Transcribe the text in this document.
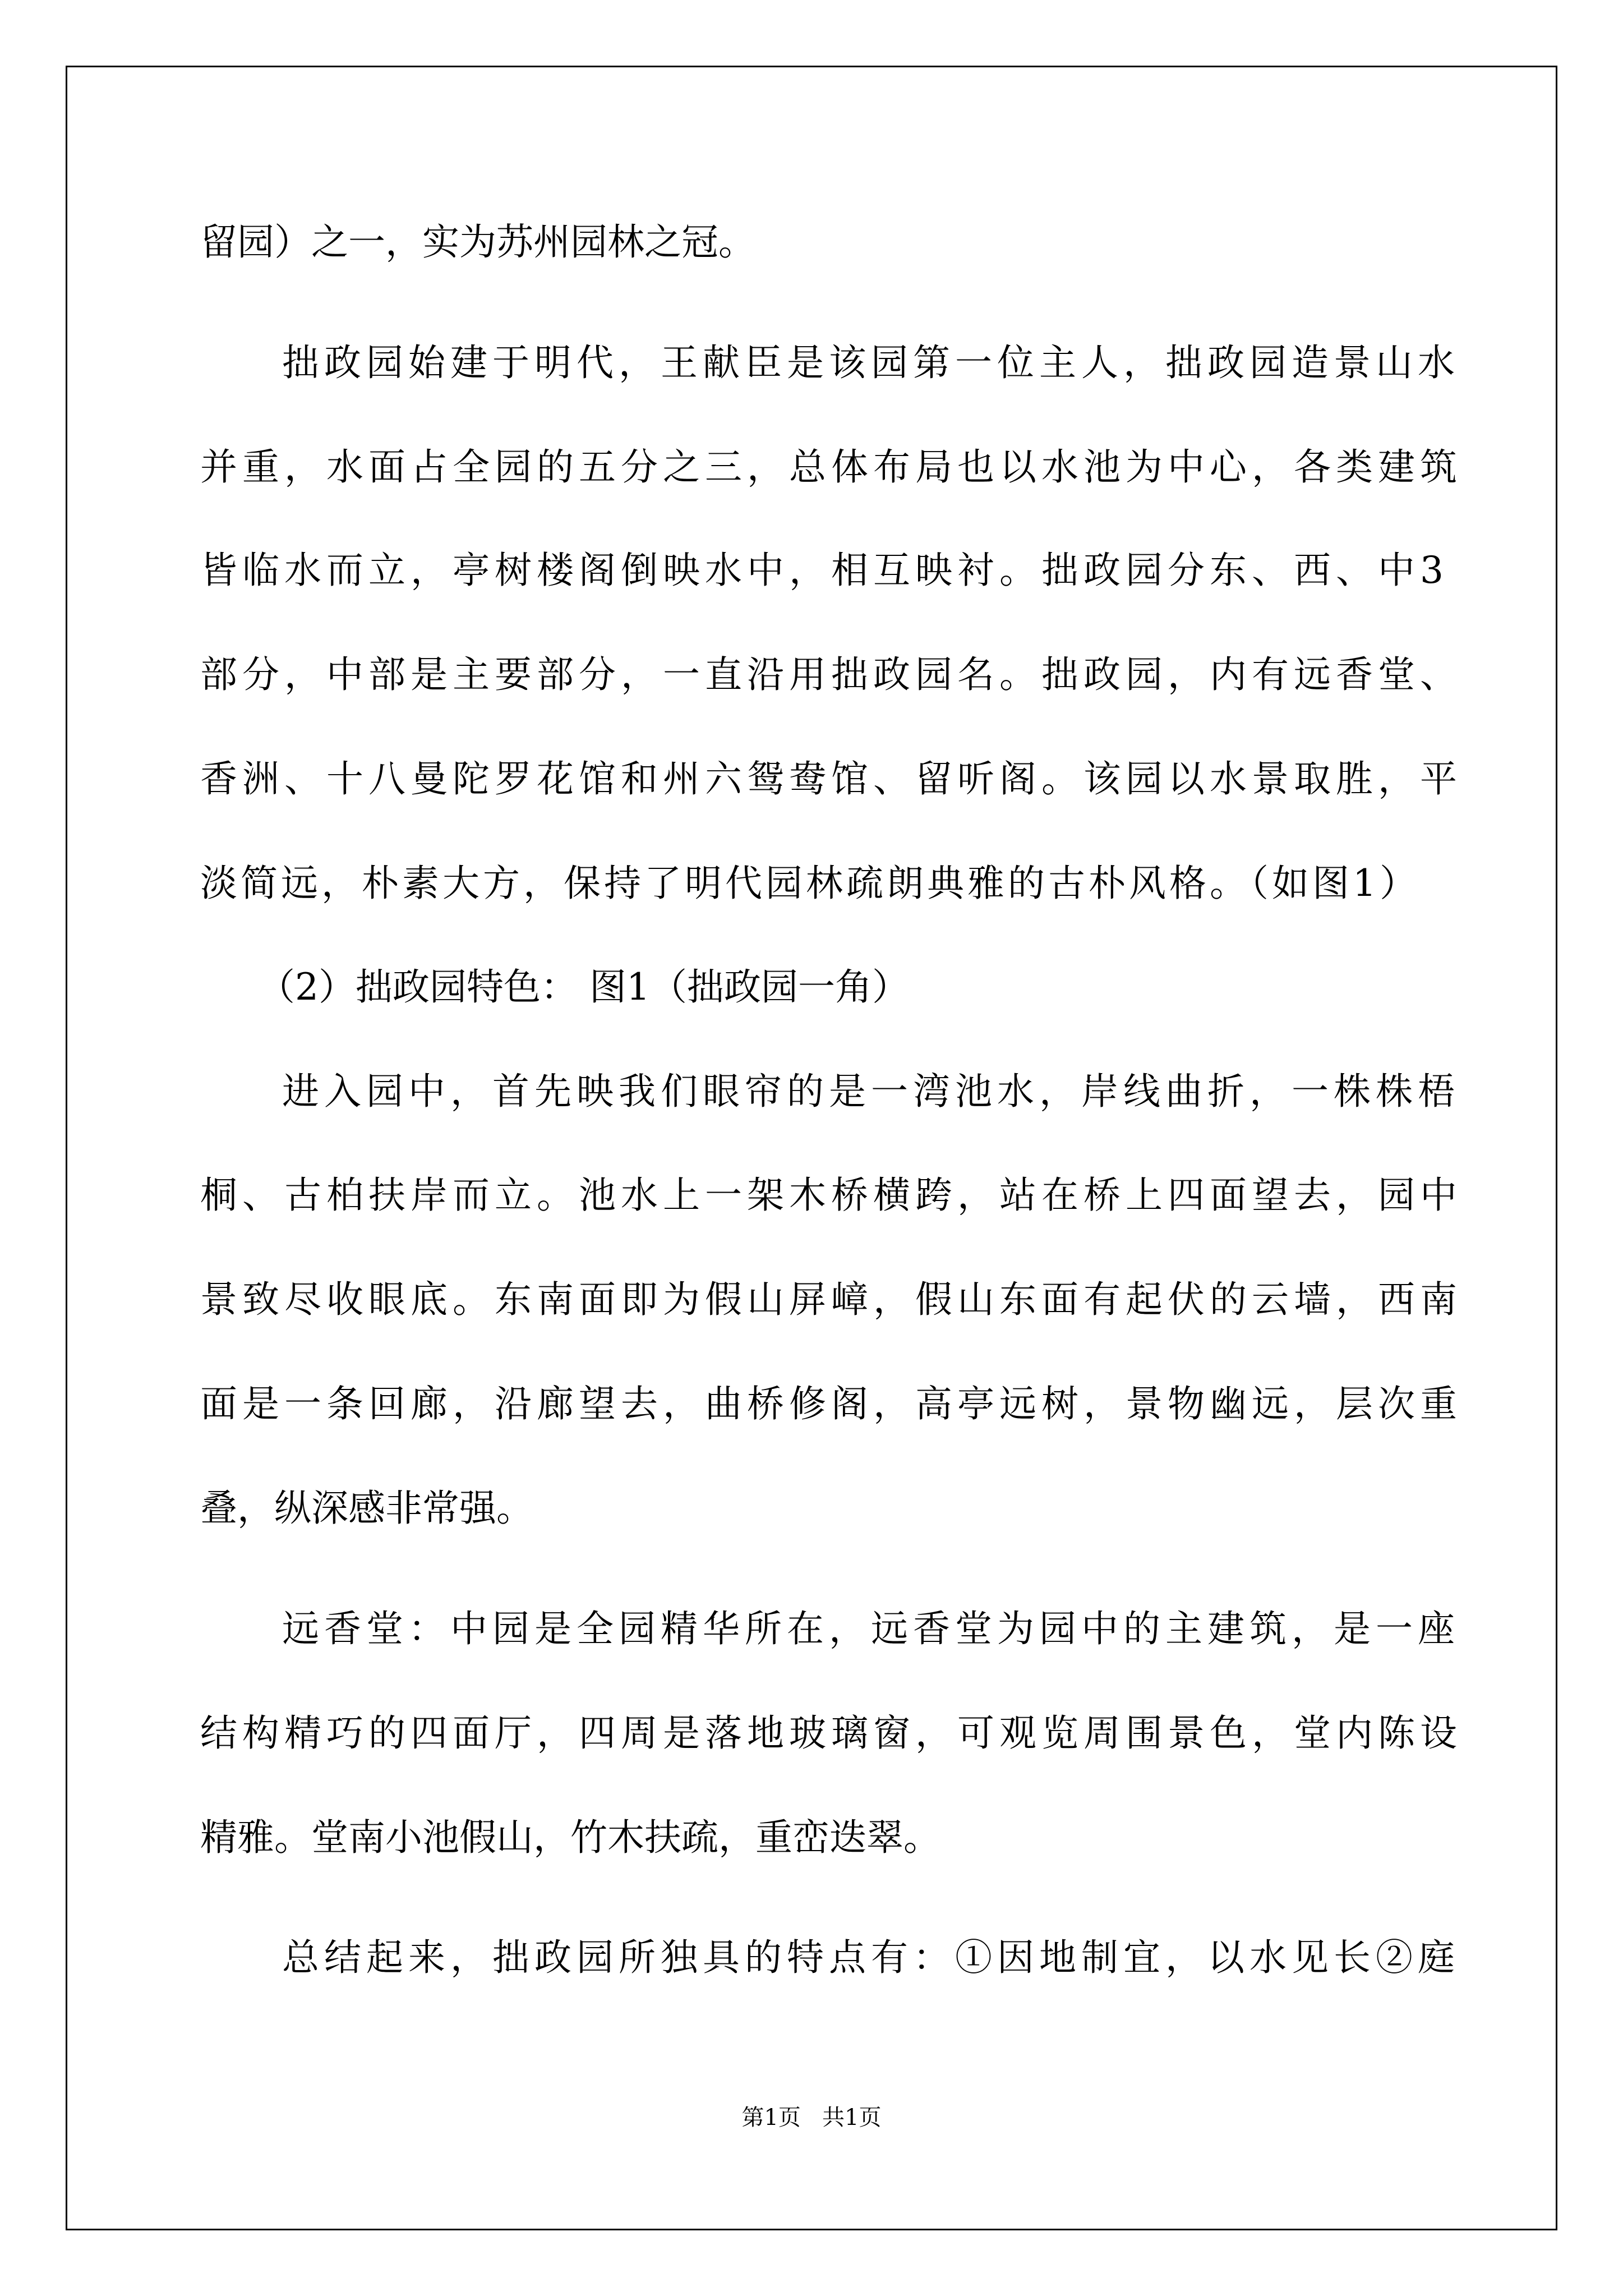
留园）之一，实为苏州园林之冠。
拙政园始建于明代，王献臣是该园第一位主人，拙政园造景山水
并重，水面占全园的五分之三，总体布局也以水池为中心，各类建筑
皆临水而立，亭树楼阁倒映水中，相互映衬。拙政园分东、西、中3
部分，中部是主要部分，一直沿用拙政园名。拙政园，内有远香堂、
香洲、十八曼陀罗花馆和州六鸳鸯馆、留听阁。该园以水景取胜，平
淡简远，朴素大方，保持了明代园林疏朗典雅的古朴风格。（如图1）
（2）拙政园特色： 图1（拙政园一角）
进入园中，首先映我们眼帘的是一湾池水，岸线曲折，一株株梧
桐、古柏扶岸而立。池水上一架木桥横跨，站在桥上四面望去，园中
景致尽收眼底。东南面即为假山屏嶂，假山东面有起伏的云墙，西南
面是一条回廊，沿廊望去，曲桥修阁，高亭远树，景物幽远，层次重
叠，纵深感非常强。
远香堂：中园是全园精华所在，远香堂为园中的主建筑，是一座
结构精巧的四面厅，四周是落地玻璃窗，可观览周围景色，堂内陈设
精雅。堂南小池假山，竹木扶疏，重峦迭翠。
总结起来，拙政园所独具的特点有：①因地制宜，以水见长②庭
第1页   共1页
